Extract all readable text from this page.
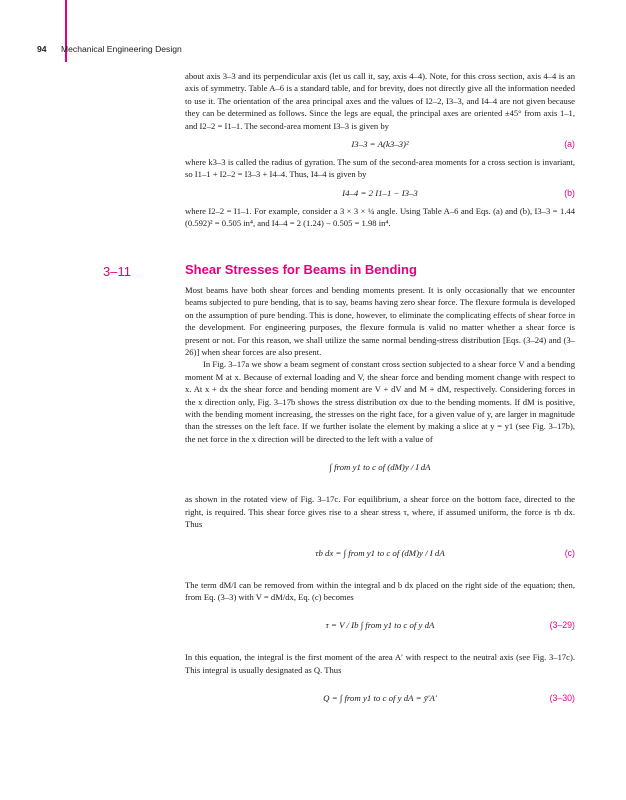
94 Mechanical Engineering Design

about axis 3–3 and its perpendicular axis (let us call it, say, axis 4–4). Note, for this cross section, axis 4–4 is an axis of symmetry. Table A–6 is a standard table, and for brevity, does not directly give all the information needed to use it. The orientation of the area principal axes and the values of I2–2, I3–3, and I4–4 are not given because they can be determined as follows. Since the legs are equal, the principal axes are oriented ±45° from axis 1–1, and I2–2 = I1–1. The second-area moment I3–3 is given by

I3–3 = A(k3–3)²	(a)

where k3–3 is called the radius of gyration. The sum of the second-area moments for a cross section is invariant, so I1–1 + I2–2 = I3–3 + I4–4. Thus, I4–4 is given by

I4–4 = 2 I1–1 − I3–3	(b)

where I2–2 = I1–1. For example, consider a 3 × 3 × ¼ angle. Using Table A–6 and Eqs. (a) and (b), I3–3 = 1.44 (0.592)² = 0.505 in⁴, and I4–4 = 2 (1.24) − 0.505 = 1.98 in⁴.

3–11	Shear Stresses for Beams in Bending

Most beams have both shear forces and bending moments present. It is only occasionally that we encounter beams subjected to pure bending, that is to say, beams having zero shear force. The flexure formula is developed on the assumption of pure bending. This is done, however, to eliminate the complicating effects of shear force in the development. For engineering purposes, the flexure formula is valid no matter whether a shear force is present or not. For this reason, we shall utilize the same normal bending-stress distribution [Eqs. (3–24) and (3–26)] when shear forces are also present.

In Fig. 3–17a we show a beam segment of constant cross section subjected to a shear force V and a bending moment M at x. Because of external loading and V, the shear force and bending moment change with respect to x. At x + dx the shear force and bending moment are V + dV and M + dM, respectively. Considering forces in the x direction only, Fig. 3–17b shows the stress distribution σx due to the bending moments. If dM is positive, with the bending moment increasing, the stresses on the right face, for a given value of y, are larger in magnitude than the stresses on the left face. If we further isolate the element by making a slice at y = y1 (see Fig. 3–17b), the net force in the x direction will be directed to the left with a value of

∫ from y1 to c of (dM)y / I dA

as shown in the rotated view of Fig. 3–17c. For equilibrium, a shear force on the bottom face, directed to the right, is required. This shear force gives rise to a shear stress τ, where, if assumed uniform, the force is τb dx. Thus

τb dx = ∫ from y1 to c of (dM)y / I dA	(c)

The term dM/I can be removed from within the integral and b dx placed on the right side of the equation; then, from Eq. (3–3) with V = dM/dx, Eq. (c) becomes

τ = V / Ib ∫ from y1 to c of y dA	(3–29)

In this equation, the integral is the first moment of the area A′ with respect to the neutral axis (see Fig. 3–17c). This integral is usually designated as Q. Thus

Q = ∫ from y1 to c of y dA = ȳ′A′	(3–30)
